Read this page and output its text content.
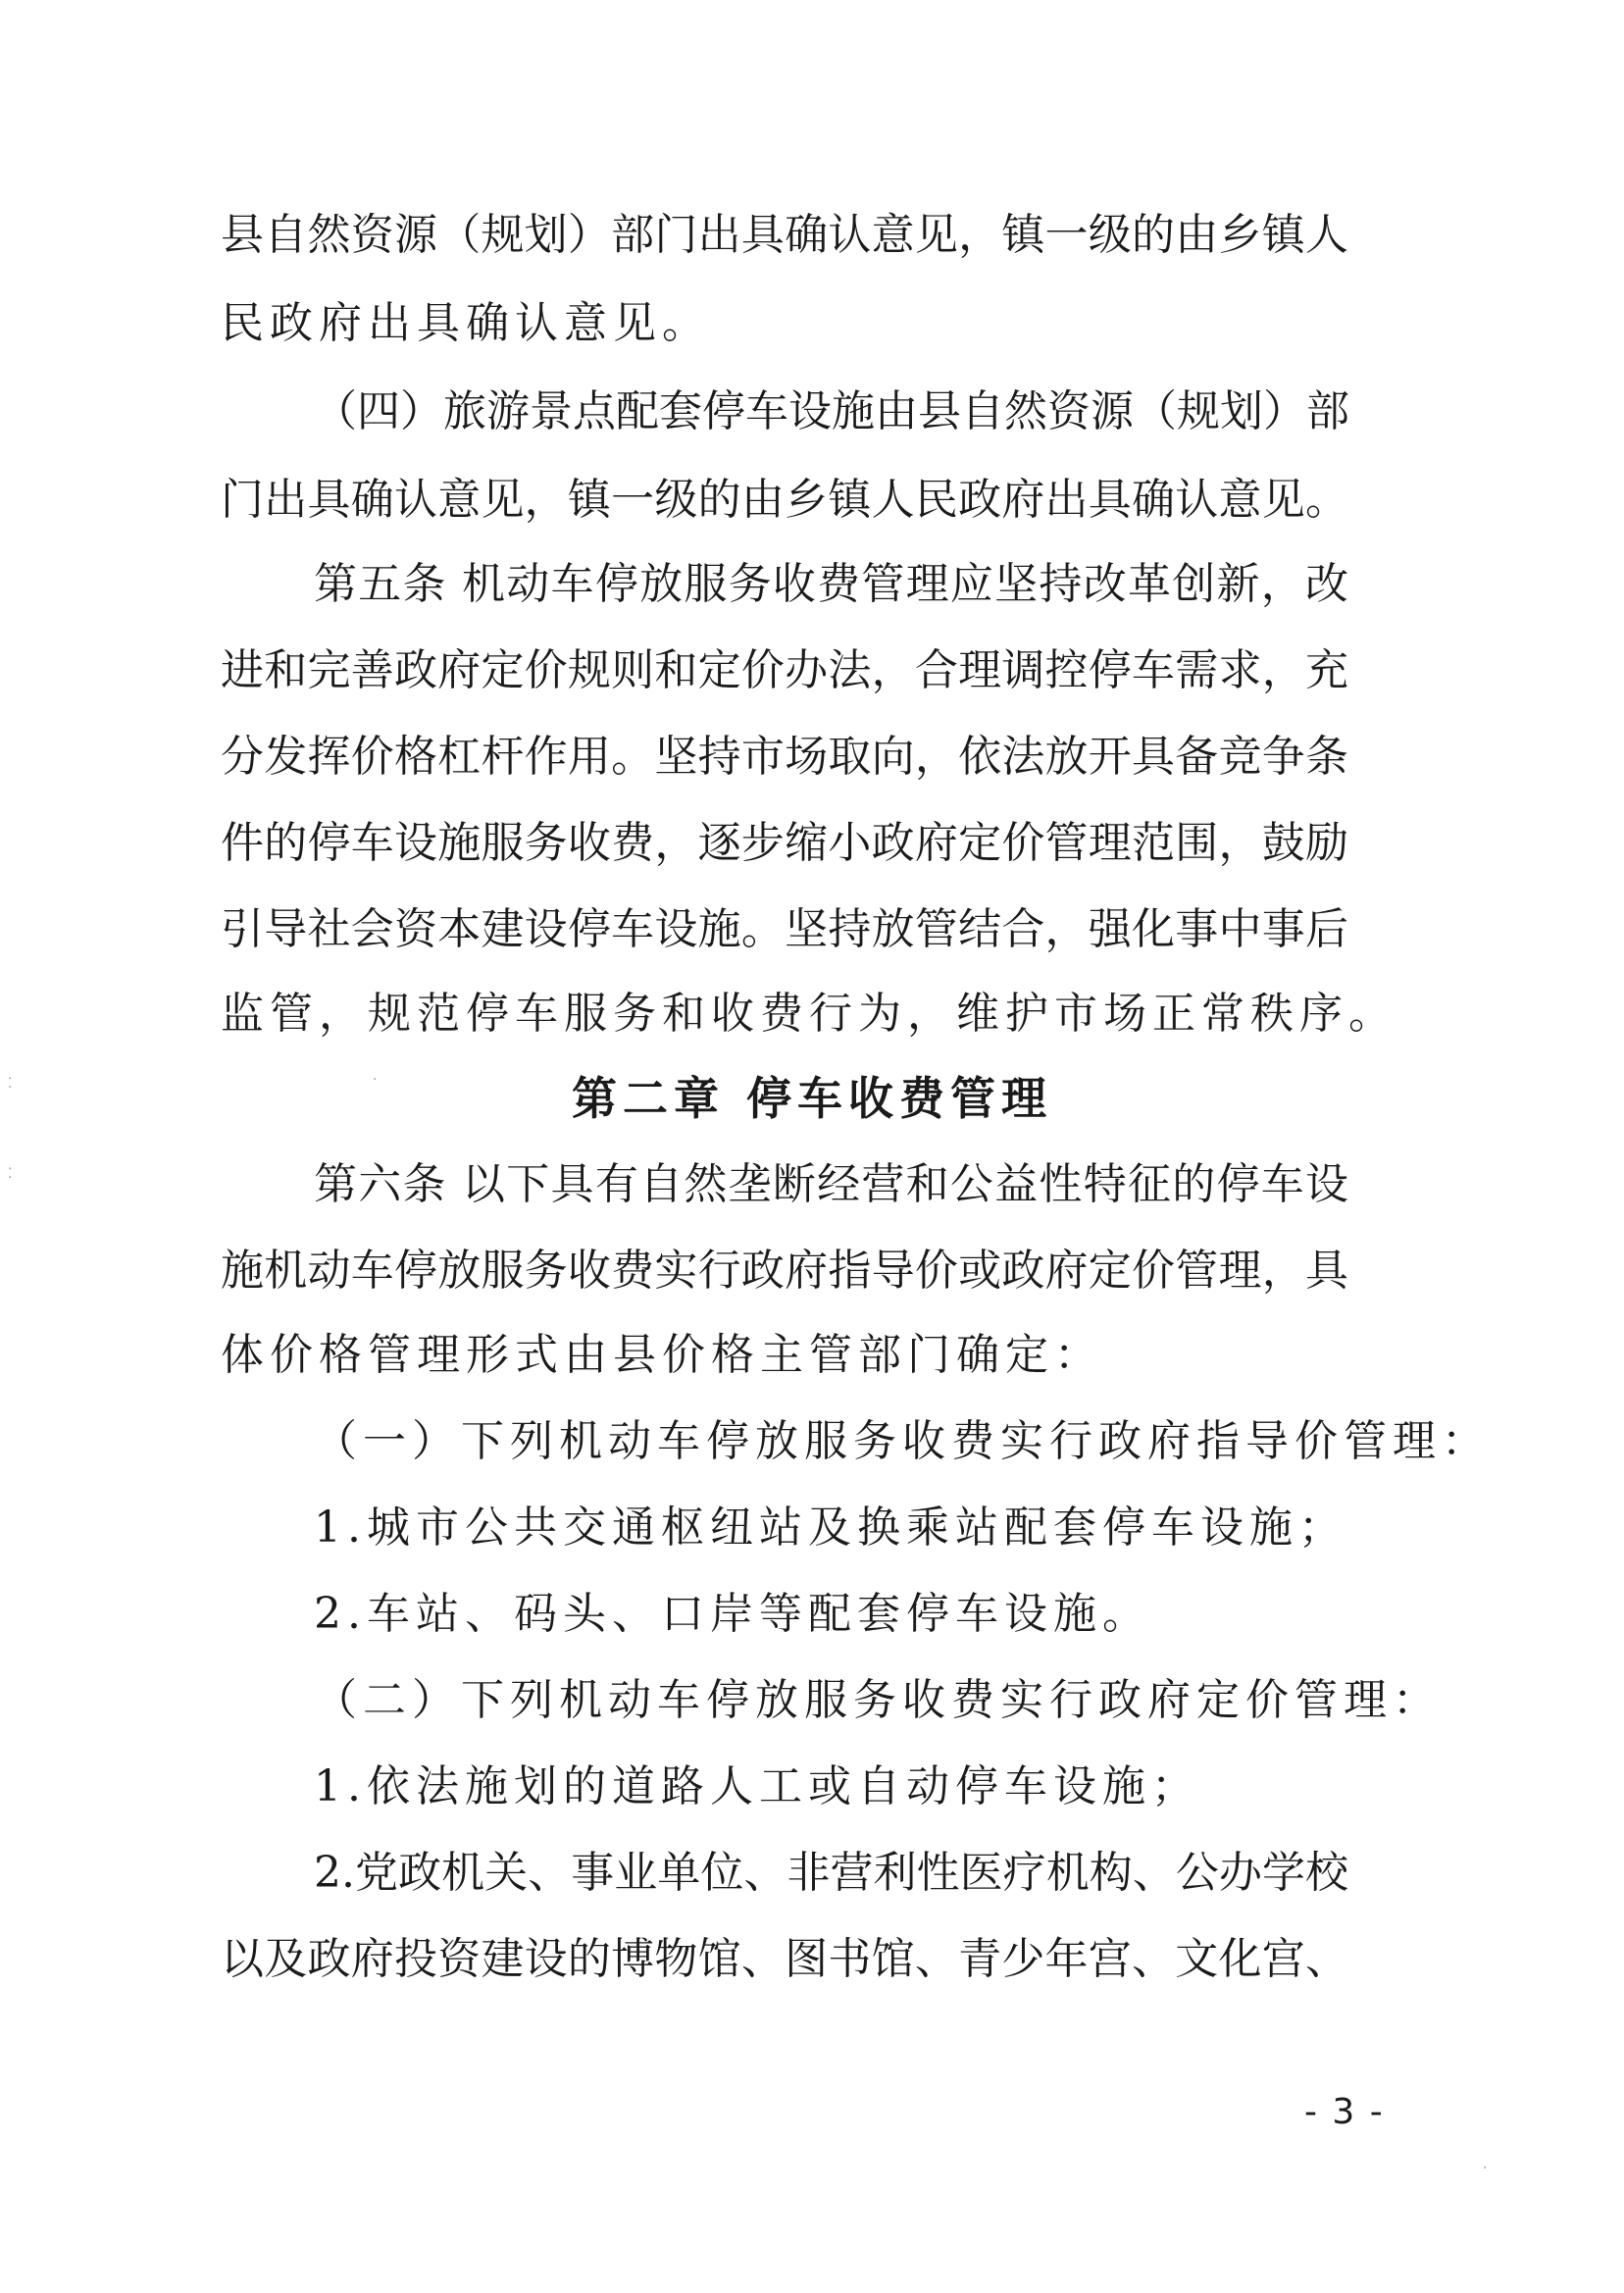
县自然资源（规划）部门出具确认意见，镇一级的由乡镇人
民政府出具确认意见。
（四）旅游景点配套停车设施由县自然资源（规划）部
门出具确认意见，镇一级的由乡镇人民政府出具确认意见。
第五条 机动车停放服务收费管理应坚持改革创新，改
进和完善政府定价规则和定价办法，合理调控停车需求，充
分发挥价格杠杆作用。坚持市场取向，依法放开具备竞争条
件的停车设施服务收费，逐步缩小政府定价管理范围，鼓励
引导社会资本建设停车设施。坚持放管结合，强化事中事后
监管，规范停车服务和收费行为，维护市场正常秩序。
第二章 停车收费管理
第六条 以下具有自然垄断经营和公益性特征的停车设
施机动车停放服务收费实行政府指导价或政府定价管理，具
体价格管理形式由县价格主管部门确定：
（一）下列机动车停放服务收费实行政府指导价管理：
1.城市公共交通枢纽站及换乘站配套停车设施；
2.车站、码头、口岸等配套停车设施。
（二）下列机动车停放服务收费实行政府定价管理：
1.依法施划的道路人工或自动停车设施；
2.党政机关、事业单位、非营利性医疗机构、公办学校
以及政府投资建设的博物馆、图书馆、青少年宫、文化宫、
- 3 -
⁚
⁚
·
·
